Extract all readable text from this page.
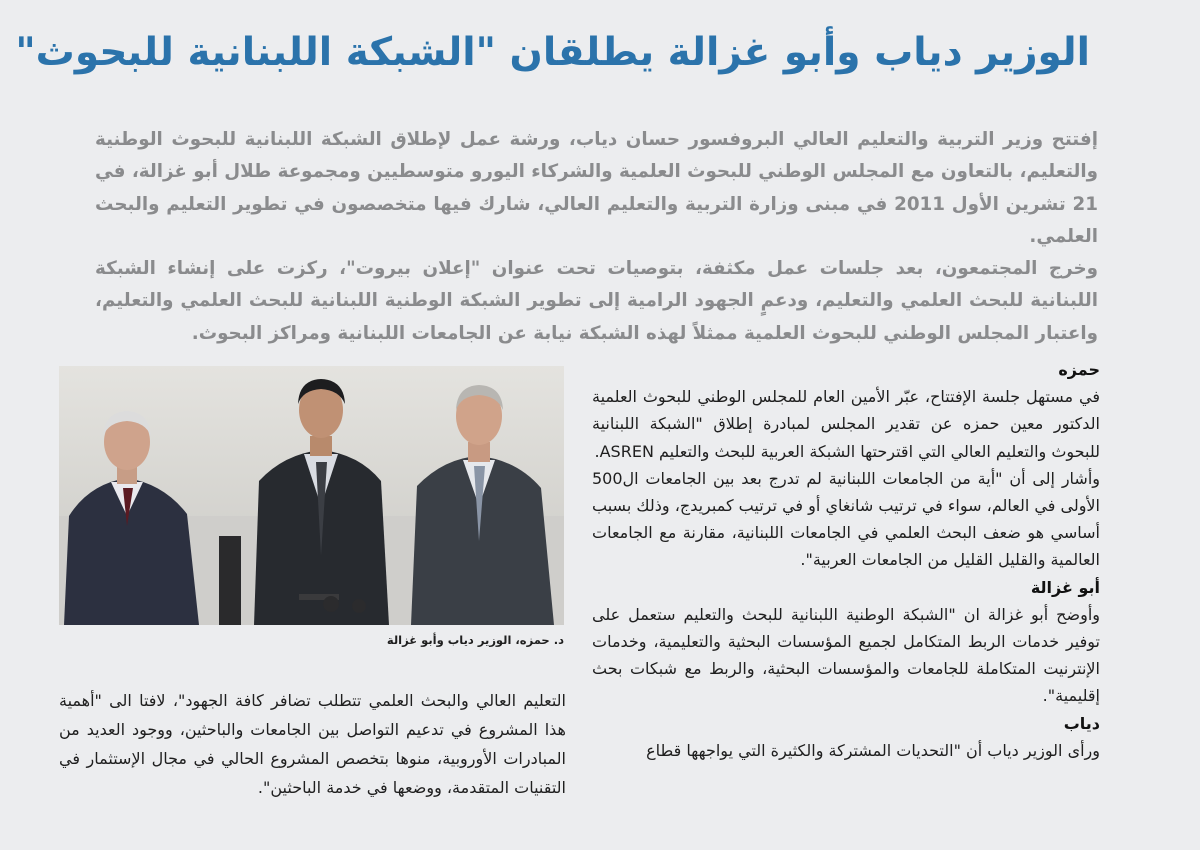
الوزير دياب وأبو غزالة يطلقان "الشبكة اللبنانية للبحوث"

إفتتح وزير التربية والتعليم العالي البروفسور حسان دياب، ورشة عمل لإطلاق الشبكة اللبنانية للبحوث الوطنية والتعليم، بالتعاون مع المجلس الوطني للبحوث العلمية والشركاء اليورو متوسطيين ومجموعة طلال أبو غزالة، في 21 تشرين الأول 2011 في مبنى وزارة التربية والتعليم العالي، شارك فيها متخصصون في تطوير التعليم والبحث العلمي.

وخرج المجتمعون، بعد جلسات عمل مكثفة، بتوصيات تحت عنوان "إعلان بيروت"، ركزت على إنشاء الشبكة اللبنانية للبحث العلمي والتعليم، ودعمٍ الجهود الرامية إلى تطوير الشبكة الوطنية اللبنانية للبحث العلمي والتعليم، واعتبار المجلس الوطني للبحوث العلمية ممثلاً لهذه الشبكة نيابة عن الجامعات اللبنانية ومراكز البحوث.

د. حمزه، الوزير دياب وأبو غزالة

التعليم العالي والبحث العلمي تتطلب تضافر كافة الجهود"، لافتا الى "أهمية هذا المشروع في تدعيم التواصل بين الجامعات والباحثين، ووجود العديد من المبادرات الأوروبية، منوها بتخصص المشروع الحالي في مجال الإستثمار في التقنيات المتقدمة، ووضعها في خدمة الباحثين".

حمزه

في مستهل جلسة الإفتتاح، عبّر الأمين العام للمجلس الوطني للبحوث العلمية الدكتور معين حمزه عن تقدير المجلس لمبادرة إطلاق "الشبكة اللبنانية للبحوث والتعليم العالي التي اقترحتها الشبكة العربية للبحث والتعليم ASREN.

وأشار إلى أن "أية من الجامعات اللبنانية لم تدرج بعد بين الجامعات ال500 الأولى في العالم، سواء في ترتيب شانغاي أو في ترتيب كمبريدج، وذلك بسبب أساسي هو ضعف البحث العلمي في الجامعات اللبنانية، مقارنة مع الجامعات العالمية والقليل القليل من الجامعات العربية".

أبو غزالة

وأوضح أبو غزالة ان "الشبكة الوطنية اللبنانية للبحث والتعليم ستعمل على توفير خدمات الربط المتكامل لجميع المؤسسات البحثية والتعليمية، وخدمات الإنترنيت المتكاملة للجامعات والمؤسسات البحثية، والربط مع شبكات بحث إقليمية".

دياب

ورأى الوزير دياب أن "التحديات المشتركة والكثيرة التي يواجهها قطاع
